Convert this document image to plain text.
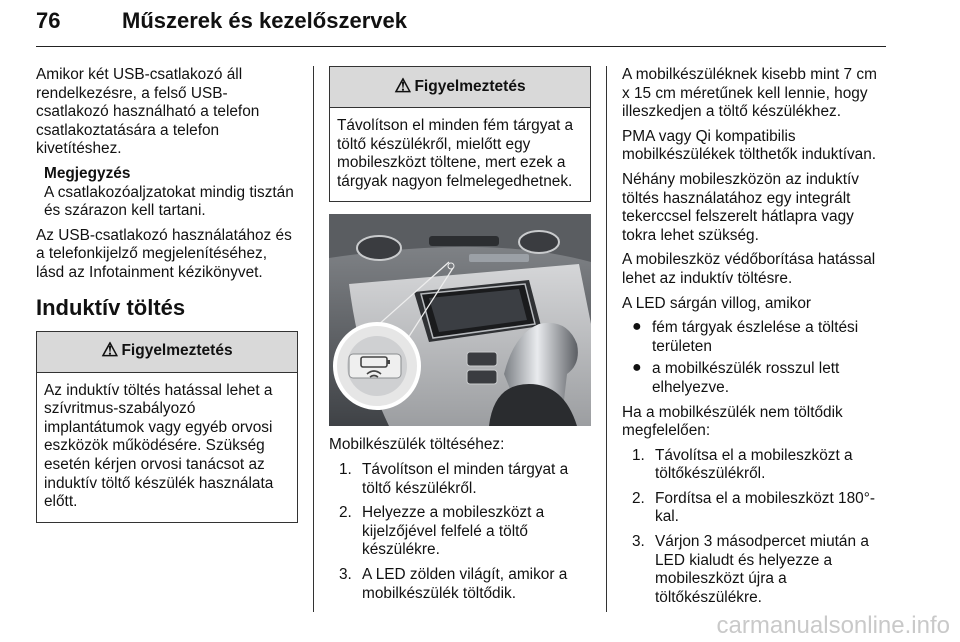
76	Műszerek és kezelőszervek

Amikor két USB-csatlakozó áll rendelkezésre, a felső USB-csatlakozó használható a telefon csatlakoztatására a telefon kivetítéshez.

Megjegyzés
A csatlakozóaljzatokat mindig tisztán és szárazon kell tartani.

Az USB-csatlakozó használatához és a telefonkijelző megjelenítéséhez, lásd az Infotainment kézikönyvet.

Induktív töltés
⚠ Figyelmeztetés
Az induktív töltés hatással lehet a szívritmus-szabályozó implantátumok vagy egyéb orvosi eszközök működésére. Szükség esetén kérjen orvosi tanácsot az induktív töltő készülék használata előtt.
⚠ Figyelmeztetés
Távolítson el minden fém tárgyat a töltő készülékről, mielőtt egy mobileszközt töltene, mert ezek a tárgyak nagyon felmelegedhetnek.

Mobilkészülék töltéséhez:

1. Távolítson el minden tárgyat a töltő készülékről.
2. Helyezze a mobileszközt a kijelzőjével felfelé a töltő készülékre.
3. A LED zölden világít, amikor a mobilkészülék töltődik.

A mobilkészüléknek kisebb mint 7 cm x 15 cm méretűnek kell lennie, hogy illeszkedjen a töltő készülékhez.

PMA vagy Qi kompatibilis mobilkészülékek tölthetők induktívan.

Néhány mobileszközön az induktív töltés használatához egy integrált tekerccsel felszerelt hátlapra vagy tokra lehet szükség.

A mobileszköz védőborítása hatással lehet az induktív töltésre.

A LED sárgán villog, amikor

● fém tárgyak észlelése a töltési területen
● a mobilkészülék rosszul lett elhelyezve.

Ha a mobilkészülék nem töltődik megfelelően:

1. Távolítsa el a mobileszközt a töltőkészülékről.
2. Fordítsa el a mobileszközt 180°-kal.
3. Várjon 3 másodpercet miután a LED kialudt és helyezze a mobileszközt újra a töltőkészülékre.
carmanualsonline.info
